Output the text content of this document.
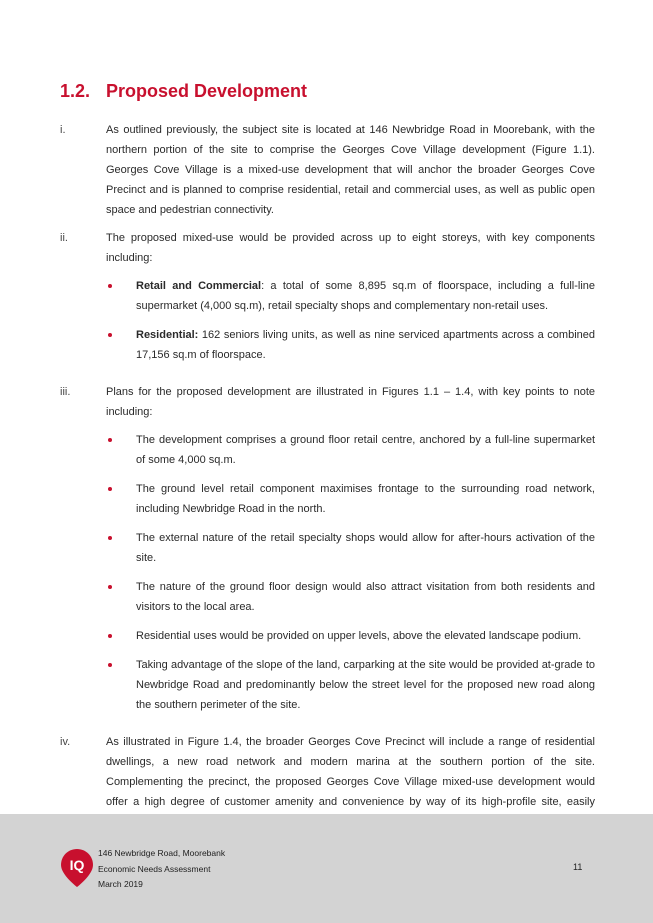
1.2. Proposed Development
i.	As outlined previously, the subject site is located at 146 Newbridge Road in Moorebank, with the northern portion of the site to comprise the Georges Cove Village development (Figure 1.1). Georges Cove Village is a mixed-use development that will anchor the broader Georges Cove Precinct and is planned to comprise residential, retail and commercial uses, as well as public open space and pedestrian connectivity.
ii.	The proposed mixed-use would be provided across up to eight storeys, with key components including:
Retail and Commercial: a total of some 8,895 sq.m of floorspace, including a full-line supermarket (4,000 sq.m), retail specialty shops and complementary non-retail uses.
Residential: 162 seniors living units, as well as nine serviced apartments across a combined 17,156 sq.m of floorspace.
iii.	Plans for the proposed development are illustrated in Figures 1.1 – 1.4, with key points to note including:
The development comprises a ground floor retail centre, anchored by a full-line supermarket of some 4,000 sq.m.
The ground level retail component maximises frontage to the surrounding road network, including Newbridge Road in the north.
The external nature of the retail specialty shops would allow for after-hours activation of the site.
The nature of the ground floor design would also attract visitation from both residents and visitors to the local area.
Residential uses would be provided on upper levels, above the elevated landscape podium.
Taking advantage of the slope of the land, carparking at the site would be provided at-grade to Newbridge Road and predominantly below the street level for the proposed new road along the southern perimeter of the site.
iv.	As illustrated in Figure 1.4, the broader Georges Cove Precinct will include a range of residential dwellings, a new road network and modern marina at the southern portion of the site. Complementing the precinct, the proposed Georges Cove Village mixed-use development would offer a high degree of customer amenity and convenience by way of its high-profile site, easily
IQ
146 Newbridge Road, Moorebank
Economic Needs Assessment
March 2019
11
